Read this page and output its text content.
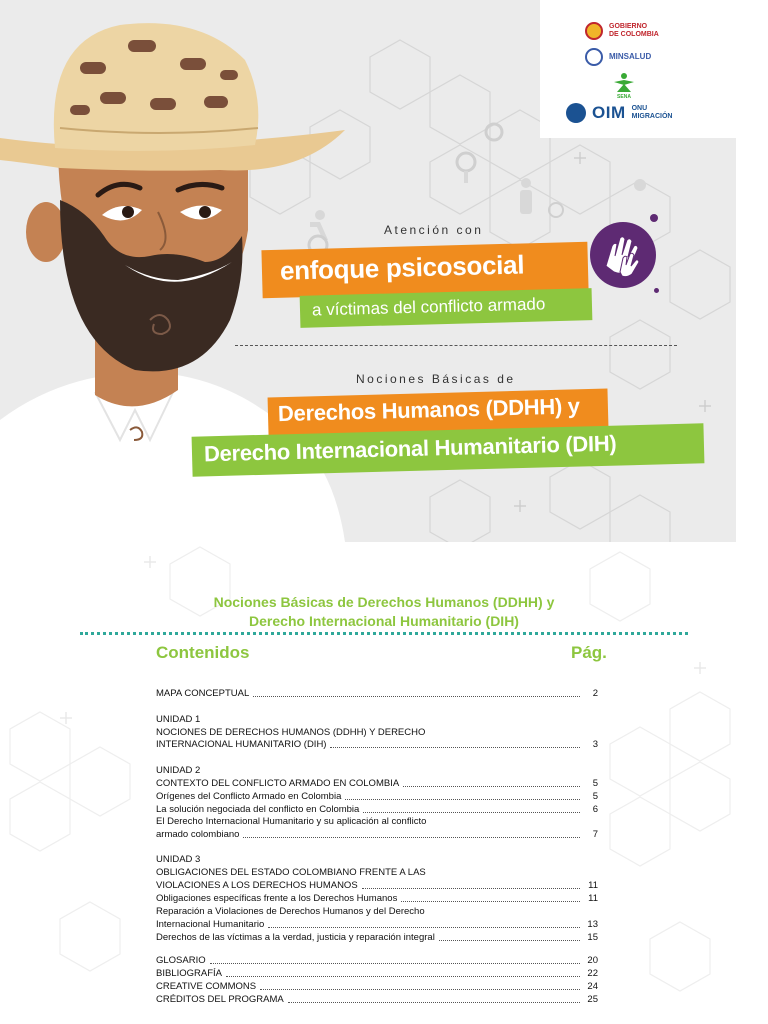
GOBIERNO
DE COLOMBIA
MINSALUD
SENA
OIM ONU
MIGRACIÓN
Atención con
enfoque psicosocial
a víctimas del conflicto armado
Nociones Básicas de
Derechos Humanos (DDHH) y
Derecho Internacional Humanitario (DIH)
Nociones Básicas de Derechos Humanos (DDHH) y
Derecho Internacional Humanitario (DIH)
Contenidos	Pág.
MAPA CONCEPTUAL	2
UNIDAD 1
NOCIONES DE DERECHOS HUMANOS (DDHH) Y DERECHO
INTERNACIONAL HUMANITARIO (DIH)	3
UNIDAD 2
CONTEXTO DEL CONFLICTO ARMADO EN COLOMBIA	5
Orígenes del Conflicto Armado en Colombia	5
La solución negociada del conflicto en Colombia	6
El Derecho Internacional Humanitario y su aplicación al conflicto
armado colombiano	7
UNIDAD 3
OBLIGACIONES DEL ESTADO COLOMBIANO FRENTE A LAS
VIOLACIONES A LOS DERECHOS HUMANOS	11
Obligaciones específicas frente a los Derechos Humanos	11
Reparación a Violaciones de Derechos Humanos y del Derecho
Internacional Humanitario	13
Derechos de las víctimas a la verdad, justicia y reparación integral	15
GLOSARIO	20
BIBLIOGRAFÍA	22
CREATIVE COMMONS	24
CRÉDITOS DEL PROGRAMA	25
